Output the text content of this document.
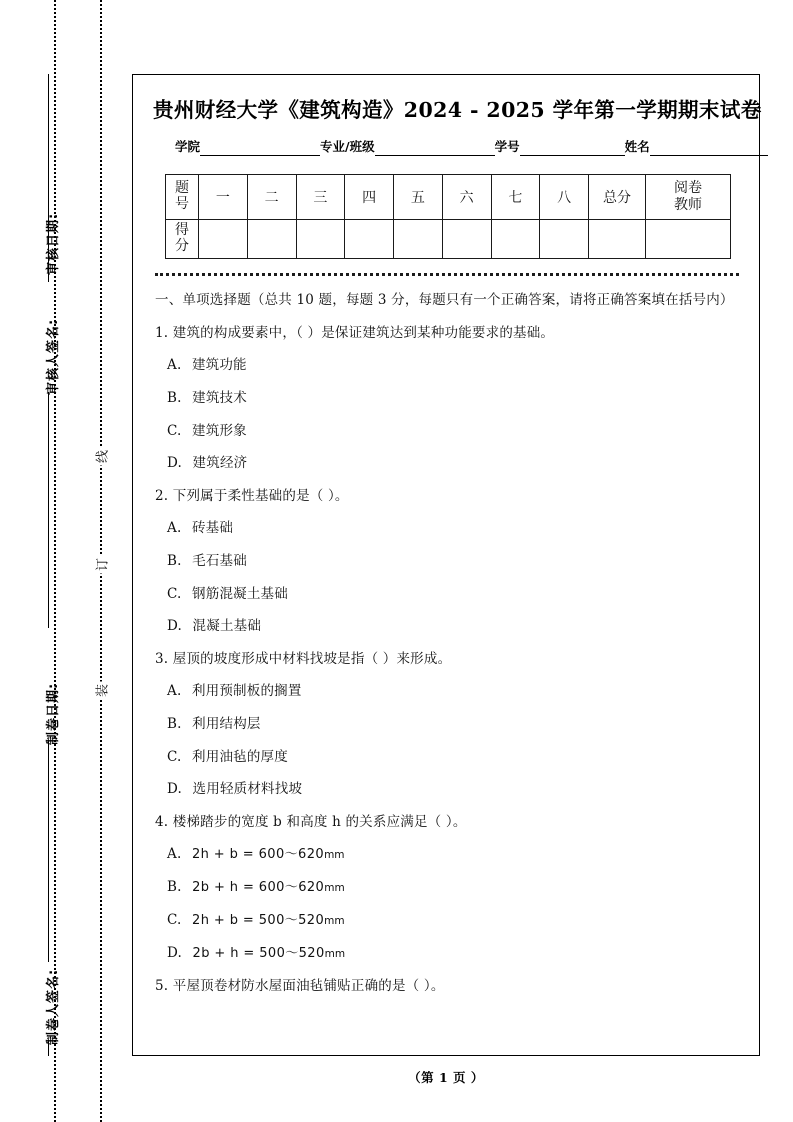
审核日期:
审核人签名:
制卷日期:
制卷人签名:
线
订
装
贵州财经大学《建筑构造》2024 - 2025 学年第一学期期末试卷
学院	专业/班级	学号	姓名
题
号	一	二	三	四	五	六	七	八	总分	阅卷
教师

得
分										

一、单项选择题（总共 10 题，每题 3 分，每题只有一个正确答案，请将正确答案填在括号内）
1. 建筑的构成要素中，（ ）是保证建筑达到某种功能要求的基础。
A. 建筑功能
B. 建筑技术
C. 建筑形象
D. 建筑经济
2. 下列属于柔性基础的是（ ）。
A. 砖基础
B. 毛石基础
C. 钢筋混凝土基础
D. 混凝土基础
3. 屋顶的坡度形成中材料找坡是指（ ）来形成。
A. 利用预制板的搁置
B. 利用结构层
C. 利用油毡的厚度
D. 选用轻质材料找坡
4. 楼梯踏步的宽度 b 和高度 h 的关系应满足（ ）。
A. 2h + b = 600〜620mm
B. 2b + h = 600〜620mm
C. 2h + b = 500〜520mm
D. 2b + h = 500〜520mm
5. 平屋顶卷材防水屋面油毡铺贴正确的是（ ）。
（第 1 页 ）
